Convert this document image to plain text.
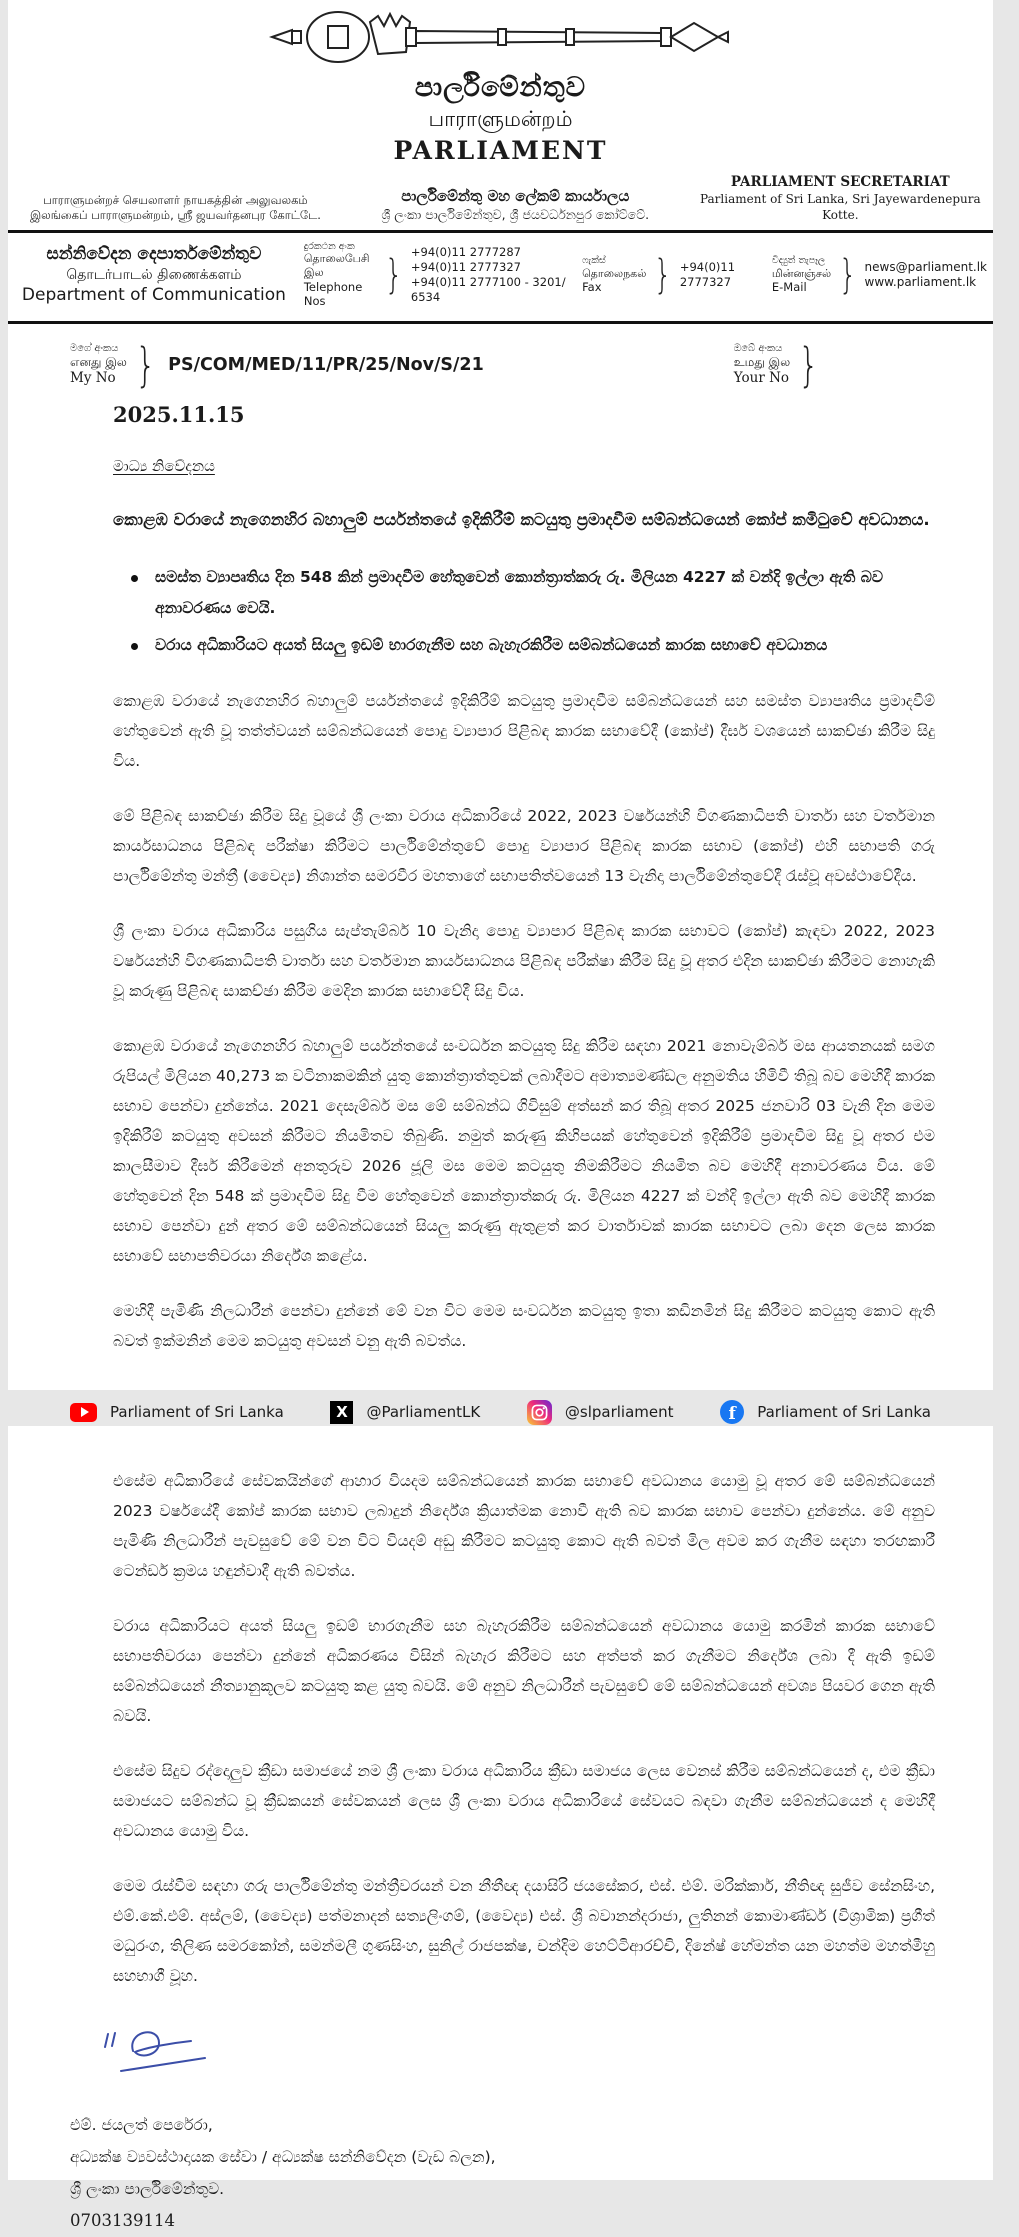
පාර්ලිමේන්තුව
பாராளுமன்றம்
PARLIAMENT
பாராளுமன்றச் செயலாளர் நாயகத்தின் அலுவலகம்
இலங்கைப் பாராளுமன்றம், ஸ்ரீ ஜயவர்தனபுர கோட்டே.
පාර්ලිමේන්තු මහ ලේකම් කාර්යාලය
ශ්‍රී ලංකා පාර්ලිමේන්තුව, ශ්‍රී ජයවර්ධනපුර කෝට්ටේ.
PARLIAMENT SECRETARIAT
Parliament of Sri Lanka, Sri Jayewardenepura Kotte.
සන්නිවේදන දෙපාර්තමේන්තුව
தொடர்பாடல் திணைக்களம்
Department of Communication
දුරකථන අංක
தொலைபேசி இல
Telephone Nos
} +94(0)11 2777287
+94(0)11 2777327
+94(0)11 2777100 - 3201/ 6534
ෆැක්ස්
தொலைநகல்
Fax	} +94(0)11 2777327
විද්‍යුත් තැපෑල
மின்னஞ்சல்
E-Mail } news@parliament.lk
www.parliament.lk
මගේ අංකය
எனது இல
My No } PS/COM/MED/11/PR/25/Nov/S/21
ඔබේ අංකය
உமது இல
Your No }
2025.11.15
මාධ්‍ය නිවේදනය
කොළඹ වරායේ නැගෙනහිර බහාලුම් පර්යන්තයේ ඉදිකිරීම් කටයුතු ප්‍රමාදවීම සම්බන්ධයෙන් කෝප් කමිටුවේ අවධානය.
සමස්ත ව්‍යාපෘතිය දින 548 කින් ප්‍රමාදවීම හේතුවෙන් කොන්ත්‍රාත්කරු රු. මිලියන 4227 ක් වන්දි ඉල්ලා ඇති බව අනාවරණය වෙයි.
වරාය අධිකාරියට අයත් සියලු ඉඩම් භාරගැනීම සහ බැහැරකිරීම සම්බන්ධයෙන් කාරක සභාවේ අවධානය

කොළඹ වරායේ නැගෙනහිර බහාලුම් පර්යන්තයේ ඉදිකිරීම් කටයුතු ප්‍රමාදවීම සම්බන්ධයෙන් සහ සමස්ත ව්‍යාපෘතිය ප්‍රමාදවීම් හේතුවෙන් ඇති වූ තත්ත්වයන් සම්බන්ධයෙන් පොදු ව්‍යාපාර පිළිබඳ කාරක සභාවේදී (කෝප්) දීර්ඝ වශයෙන් සාකච්ඡා කිරීම සිදු විය.

මේ පිළිබඳ සාකච්ඡා කිරීම සිදු වූයේ ශ්‍රී ලංකා වරාය අධිකාරියේ 2022, 2023 වර්ෂයන්හි විගණකාධිපති වාර්තා සහ වර්තමාන කාර්යසාධනය පිළිබඳ පරීක්ෂා කිරීමට පාර්ලිමේන්තුවේ පොදු ව්‍යාපාර පිළිබඳ කාරක සභාව (කෝප්) එහි සභාපති ගරු පාර්ලිමේන්තු මන්ත්‍රී (වෛද්‍ය) නිශාන්ත සමරවීර මහතාගේ සභාපතිත්වයෙන් 13 වැනිදා පාර්ලිමේන්තුවේදී රැස්වූ අවස්ථාවේදීය.

ශ්‍රී ලංකා වරාය අධිකාරිය පසුගිය සැප්තැම්බර් 10 වැනිදා පොදු ව්‍යාපාර පිළිබඳ කාරක සභාවට (කෝප්) කැඳවා 2022, 2023 වර්ෂයන්හි විගණකාධිපති වාර්තා සහ වර්තමාන කාර්යසාධනය පිළිබඳ පරීක්ෂා කිරීම සිදු වූ අතර එදින සාකච්ඡා කිරීමට නොහැකි වූ කරුණු පිළිබඳ සාකච්ඡා කිරීම මෙදින කාරක සභාවේදී සිදු විය.

කොළඹ වරායේ නැගෙනහිර බහාලුම් පර්යන්තයේ සංවර්ධන කටයුතු සිදු කිරීම සඳහා 2021 නොවැම්බර් මස ආයතනයක් සමග රුපියල් මිලියන 40,273 ක වටිනාකමකින් යුතු කොන්ත්‍රාත්තුවක් ලබාදීමට අමාත්‍යමණ්ඩල අනුමතිය හිමිවී තිබූ බව මෙහිදී කාරක සභාව පෙන්වා දුන්නේය. 2021 දෙසැම්බර් මස මේ සම්බන්ධ ගිවිසුම් අත්සන් කර තිබූ අතර 2025 ජනවාරි 03 වැනි දින මෙම ඉදිකිරීම් කටයුතු අවසන් කිරීමට නියමිතව තිබුණි. නමුත් කරුණු කිහිපයක් හේතුවෙන් ඉදිකිරීම් ප්‍රමාදවීම සිදු වූ අතර එම කාලසීමාව දීර්ඝ කිරීමෙන් අනතුරුව 2026 ජූලි මස මෙම කටයුතු නිමකිරීමට නියමිත බව මෙහිදී අනාවරණය විය. මේ හේතුවෙන් දින 548 ක් ප්‍රමාදවීම සිදු වීම හේතුවෙන් කොන්ත්‍රාත්කරු රු. මිලියන 4227 ක් වන්දි ඉල්ලා ඇති බව මෙහිදී කාරක සභාව පෙන්වා දුන් අතර මේ සම්බන්ධයෙන් සියලු කරුණු ඇතුළත් කර වාර්තාවක් කාරක සභාවට ලබා දෙන ලෙස කාරක සභාවේ සභාපතිවරයා නිර්දේශ කළේය.

මෙහිදී පැමිණි නිලධාරීන් පෙන්වා දුන්නේ මේ වන විට මෙම සංවර්ධන කටයුතු ඉතා කඩිනමින් සිදු කිරීමට කටයුතු කොට ඇති බවත් ඉක්මනින් මෙම කටයුතු අවසන් වනු ඇති බවත්ය.

Parliament of Sri Lanka	X	@ParliamentLK	@slparliament	f	Parliament of Sri Lanka

එසේම අධිකාරියේ සේවකයින්ගේ ආහාර වියදම සම්බන්ධයෙන් කාරක සභාවේ අවධානය යොමු වූ අතර මේ සම්බන්ධයෙන් 2023 වර්ෂයේදී කෝප් කාරක සභාව ලබාදුන් නිර්දේශ ක්‍රියාත්මක නොවී ඇති බව කාරක සභාව පෙන්වා දුන්නේය. මේ අනුව පැමිණි නිලධාරීන් පැවසුවේ මේ වන විට වියදම් අඩු කිරීමට කටයුතු කොට ඇති බවත් මිල අවම කර ගැනීම සඳහා තරඟකාරී ටෙන්ඩර් ක්‍රමය හඳුන්වාදී ඇති බවත්ය.

වරාය අධිකාරියට අයත් සියලු ඉඩම් භාරගැනීම සහ බැහැරකිරීම සම්බන්ධයෙන් අවධානය යොමු කරමින් කාරක සභාවේ සභාපතිවරයා පෙන්වා දුන්නේ අධිකරණය විසින් බැහැර කිරීමට සහ අත්පත් කර ගැනීමට නිර්දේශ ලබා දී ඇති ඉඩම් සම්බන්ධයෙන් නීත්‍යානුකූලව කටයුතු කළ යුතු බවයි. මේ අනුව නිලධාරීන් පැවසුවේ මේ සම්බන්ධයෙන් අවශ්‍ය පියවර ගෙන ඇති බවයි.

එසේම සිදුව රද්දොලුව ක්‍රීඩා සමාජයේ නම ශ්‍රී ලංකා වරාය අධිකාරිය ක්‍රීඩා සමාජය ලෙස වෙනස් කිරීම සම්බන්ධයෙන් ද, එම ක්‍රීඩා සමාජයට සම්බන්ධ වූ ක්‍රීඩකයන් සේවකයන් ලෙස ශ්‍රී ලංකා වරාය අධිකාරියේ සේවයට බඳවා ගැනීම සම්බන්ධයෙන් ද මෙහිදී අවධානය යොමු විය.

මෙම රැස්වීම සඳහා ගරු පාර්ලිමේන්තු මන්ත්‍රීවරයන් වන නීතීඥ දයාසිරි ජයසේකර, එස්. එම්. මරික්කාර්, නීතිඥ සුජීව සේනසිංහ, එම්.කේ.එම්. අස්ලම්, (වෛද්‍ය) පත්මනාදන් සත්‍යලිංගම්, (වෛද්‍ය) එස්. ශ්‍රී බවානන්දරාජා, ලුතිනන් කොමාණ්ඩර් (විශ්‍රාමික) ප්‍රගීත් මධුරංග, තිලිණ සමරකෝන්, සමන්මලී ගුණසිංහ, සුනිල් රාජපක්ෂ, චන්දිම හෙට්ටිආරච්චි, දිනේෂ් හේමන්ත යන මහත්ම මහත්මීහු සහභාගී වූහ.

එම්. ජයලත් පෙරේරා,
අධ්‍යක්ෂ ව්‍යවස්ථාදායක සේවා / අධ්‍යක්ෂ සන්නිවේදන (වැඩ බලන),
ශ්‍රී ලංකා පාර්ලිමේන්තුව.
0703139114
